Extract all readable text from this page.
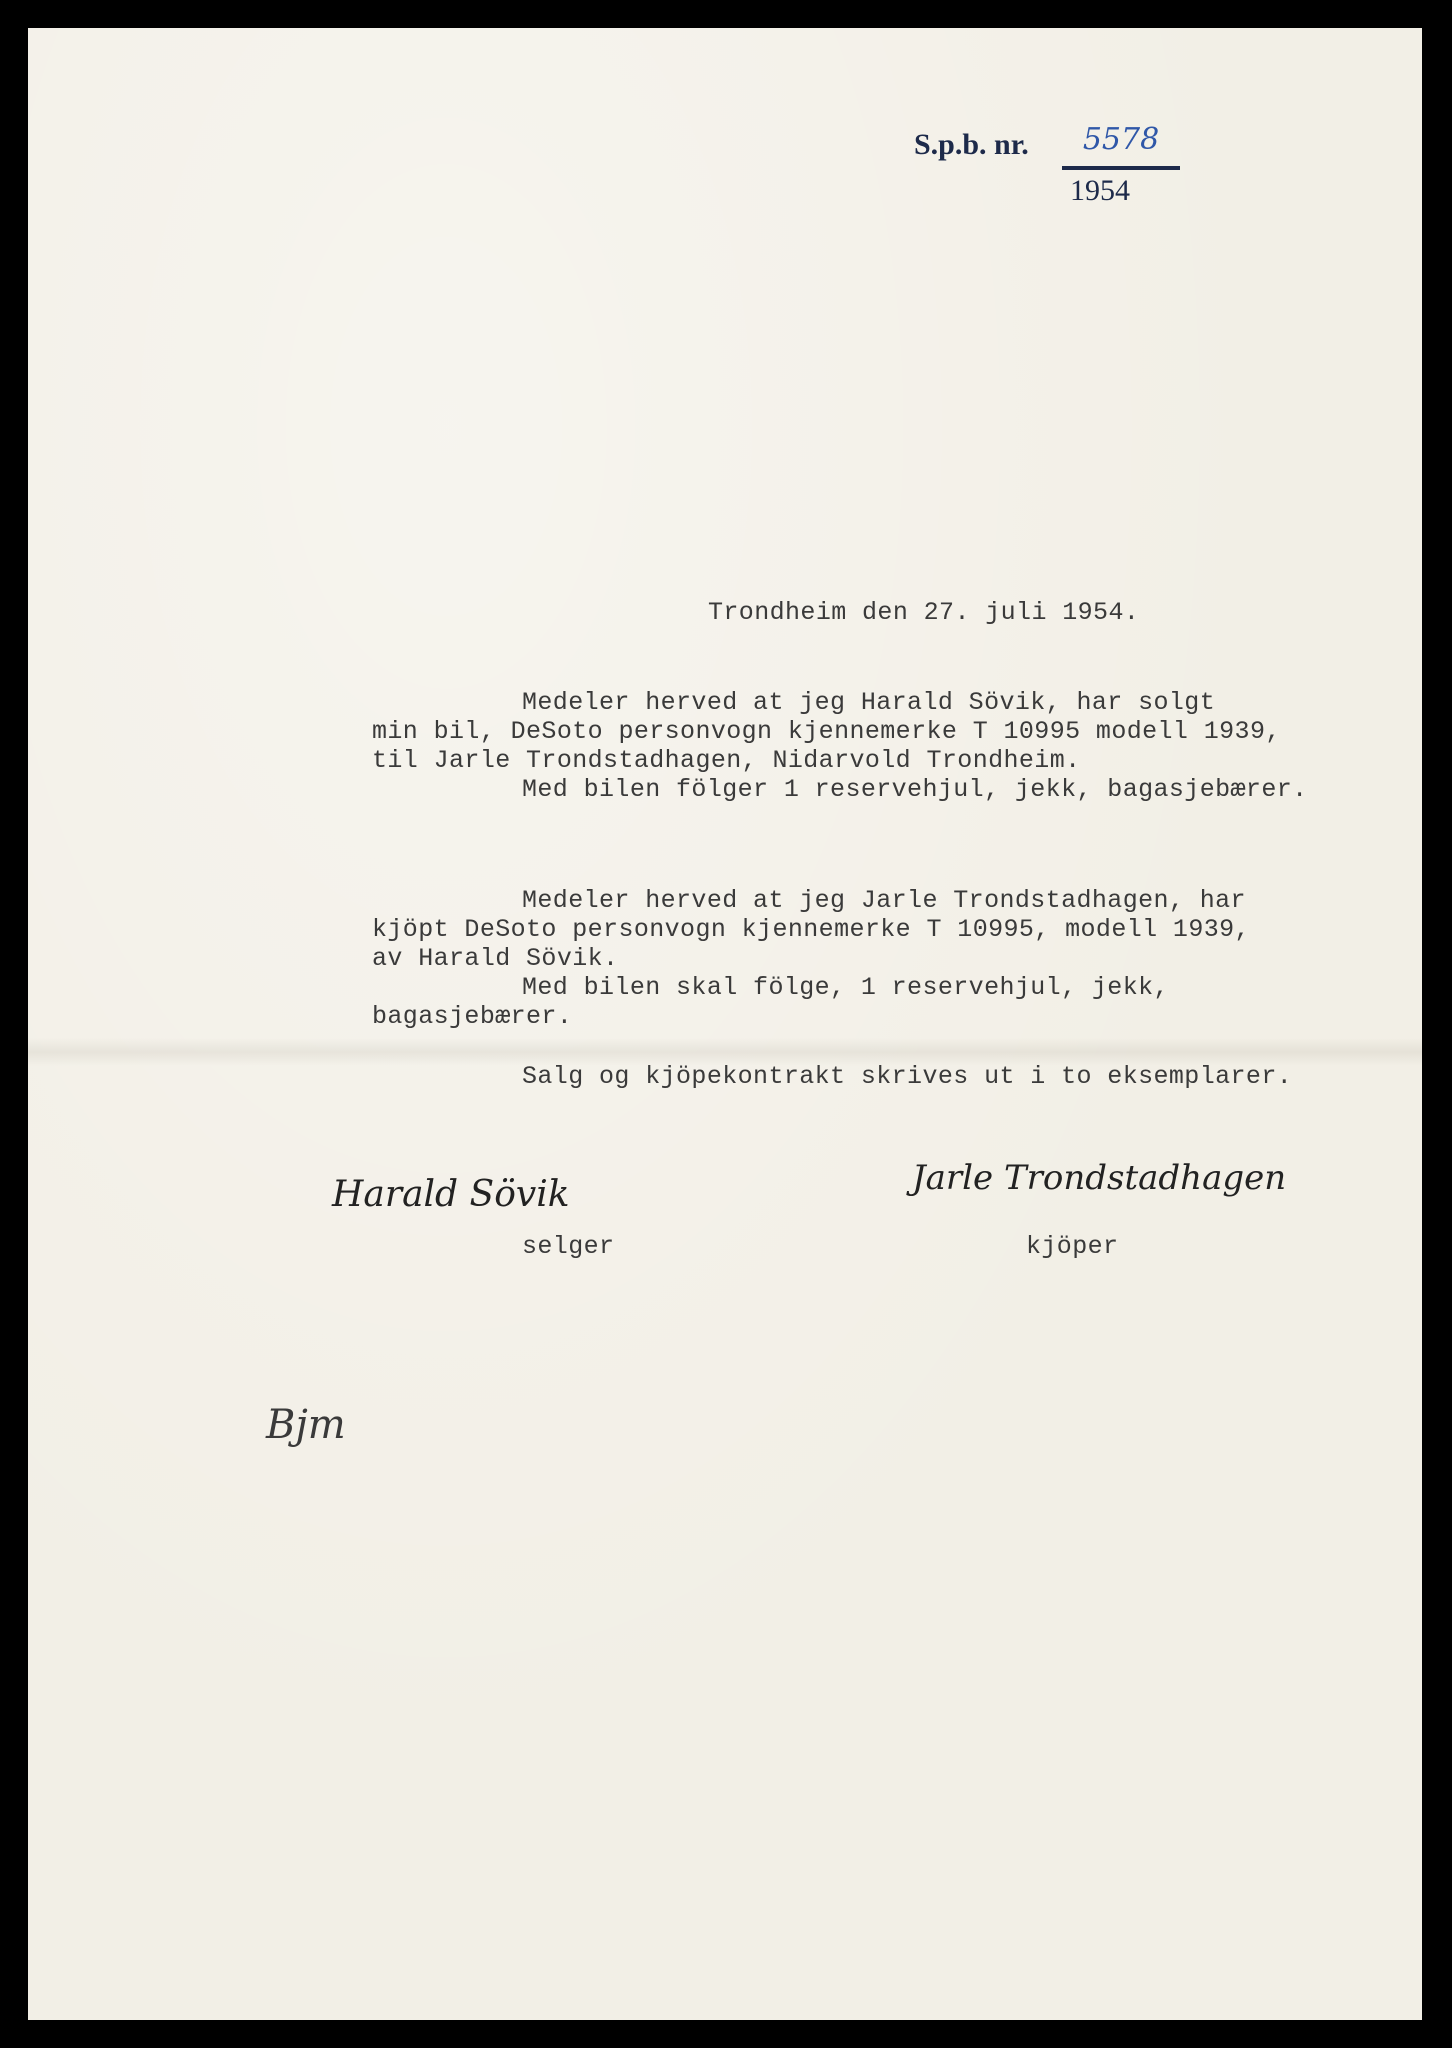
S.p.b. nr.	5578
1954
Trondheim den 27. juli 1954.
Medeler herved at jeg Harald Sövik, har solgt
min bil, DeSoto personvogn kjennemerke T 10995 modell 1939,
til Jarle Trondstadhagen, Nidarvold Trondheim.
Med bilen fölger 1 reservehjul, jekk, bagasjebærer.
Medeler herved at jeg Jarle Trondstadhagen, har
kjöpt DeSoto personvogn kjennemerke T 10995, modell 1939,
av Harald Sövik.
Med bilen skal fölge, 1 reservehjul, jekk,
bagasjebærer.
Salg og kjöpekontrakt skrives ut i to eksemplarer.
Harald Sövik
selger
Jarle Trondstadhagen
kjöper
Bjm
